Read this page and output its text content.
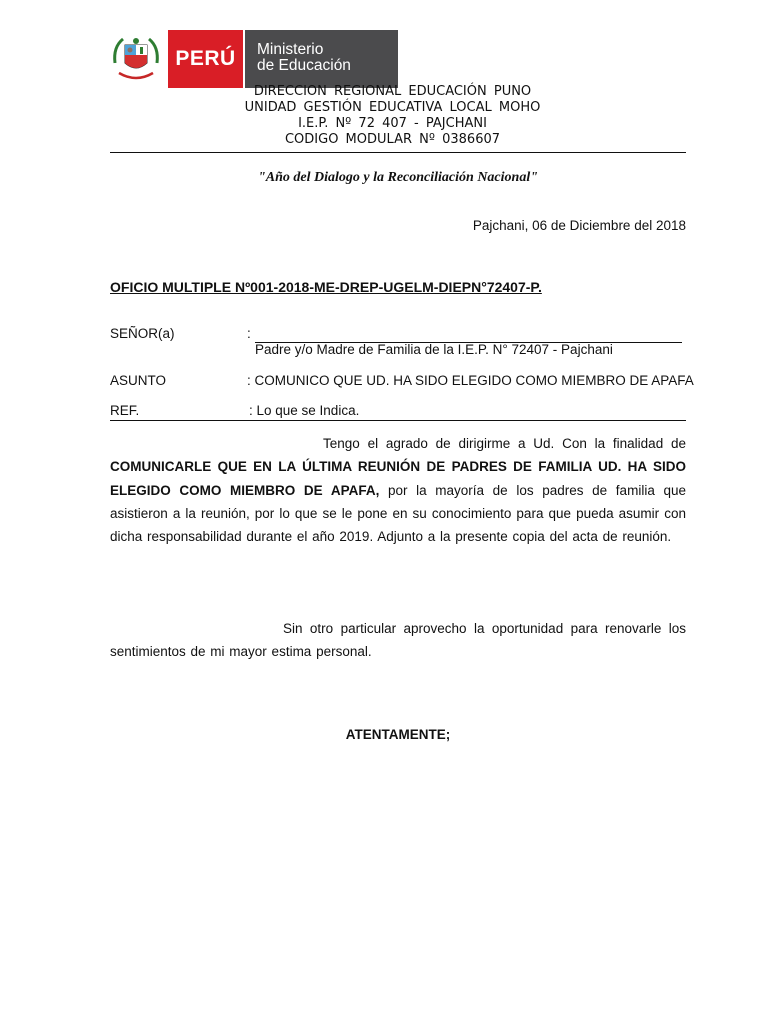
PERÚ Ministerio
de Educación
DIRECCION REGIONAL EDUCACIÓN PUNO
UNIDAD GESTIÓN EDUCATIVA LOCAL MOHO
I.E.P. Nº 72 407 - PAJCHANI
CODIGO MODULAR Nº 0386607
"Año del Dialogo y la Reconciliación Nacional"
Pajchani, 06 de Diciembre del 2018
OFICIO MULTIPLE Nº001-2018-ME-DREP-UGELM-DIEPN°72407-P.
SEÑOR(a)	:
Padre y/o Madre de Familia de la I.E.P. N° 72407 - Pajchani
ASUNTO	: COMUNICO QUE UD. HA SIDO ELEGIDO COMO MIEMBRO DE APAFA
REF.	: Lo que se Indica.
Tengo el agrado de dirigirme a Ud. Con la finalidad de COMUNICARLE QUE EN LA ÚLTIMA REUNIÓN DE PADRES DE FAMILIA UD. HA SIDO ELEGIDO COMO MIEMBRO DE APAFA, por la mayoría de los padres de familia que asistieron a la reunión, por lo que se le pone en su conocimiento para que pueda asumir con dicha responsabilidad durante el año 2019. Adjunto a la presente copia del acta de reunión.
Sin otro particular aprovecho la oportunidad para renovarle los sentimientos de mi mayor estima personal.
ATENTAMENTE;
